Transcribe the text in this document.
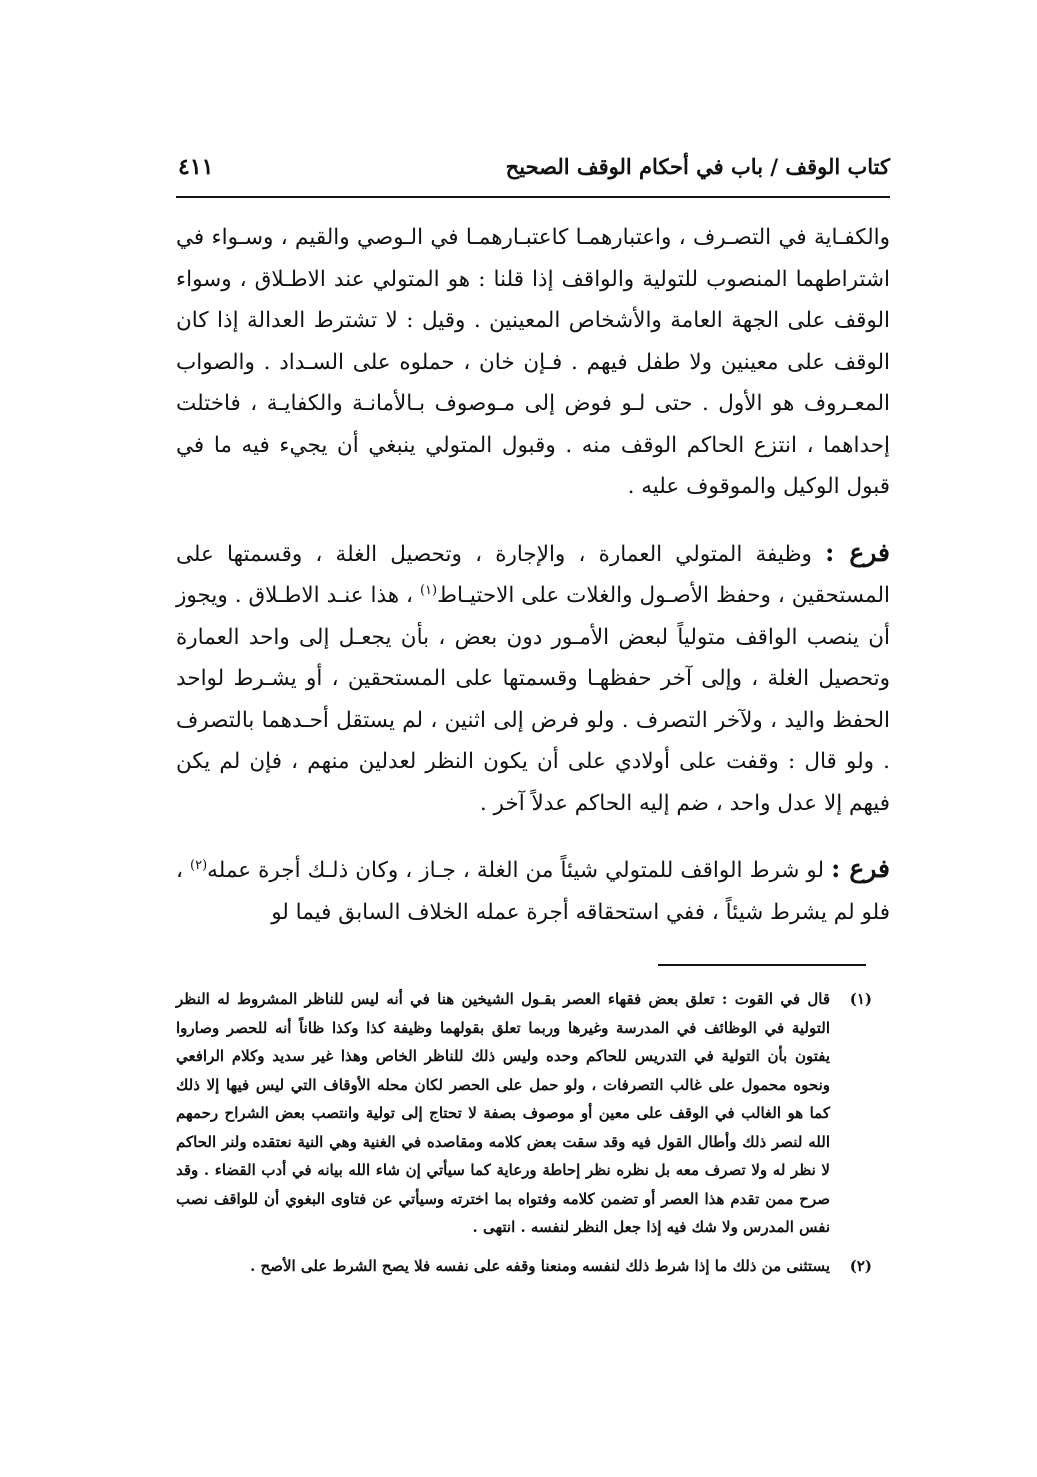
كتاب الوقف / باب في أحكام الوقف الصحيح
٤١١

والكفـاية في التصـرف ، واعتبارهمـا كاعتبـارهمـا في الـوصي والقيم ، وسـواء في اشتراطهما المنصوب للتولية والواقف إذا قلنا : هو المتولي عند الاطـلاق ، وسواء الوقف على الجهة العامة والأشخاص المعينين . وقيل : لا تشترط العدالة إذا كان الوقف على معينين ولا طفل فيهم . فـإن خان ، حملوه على السـداد . والصواب المعـروف هو الأول . حتى لـو فوض إلى مـوصوف بـالأمانـة والكفايـة ، فاختلت إحداهما ، انتزع الحاكم الوقف منه . وقبول المتولي ينبغي أن يجيء فيه ما في قبول الوكيل والموقوف عليه .

فرع : وظيفة المتولي العمارة ، والإجارة ، وتحصيل الغلة ، وقسمتها على المستحقين ، وحفظ الأصـول والغلات على الاحتيـاط$^{(١)}$ ، هذا عنـد الاطـلاق . ويجوز أن ينصب الواقف متولياً لبعض الأمـور دون بعض ، بأن يجعـل إلى واحد العمارة وتحصيل الغلة ، وإلى آخر حفظهـا وقسمتها على المستحقين ، أو يشـرط لواحد الحفظ واليد ، ولآخر التصرف . ولو فرض إلى اثنين ، لم يستقل أحـدهما بالتصرف . ولو قال : وقفت على أولادي على أن يكون النظر لعدلين منهم ، فإن لم يكن فيهم إلا عدل واحد ، ضم إليه الحاكم عدلاً آخر .

فرع : لو شرط الواقف للمتولي شيئاً من الغلة ، جـاز ، وكان ذلـك أجرة عمله$^{(٢)}$ ، فلو لم يشرط شيئاً ، ففي استحقاقه أجرة عمله الخلاف السابق فيما لو

(١)
قال في القوت : تعلق بعض فقهاء العصر بقـول الشيخين هنا في أنه ليس للناظر المشروط له النظر التولية في الوظائف في المدرسة وغيرها وربما تعلق بقولهما وظيفة كذا وكذا ظاناً أنه للحصر وصاروا يفتون بأن التولية في التدريس للحاكم وحده وليس ذلك للناظر الخاص وهذا غير سديد وكلام الرافعي ونحوه محمول على غالب التصرفات ، ولو حمل على الحصر لكان محله الأوقاف التي ليس فيها إلا ذلك كما هو الغالب في الوقف على معين أو موصوف بصفة لا تحتاج إلى تولية وانتصب بعض الشراح رحمهم الله لنصر ذلك وأطال القول فيه وقد سقت بعض كلامه ومقاصده في الغنية وهي النية نعتقده ولنر الحاكم لا نظر له ولا تصرف معه بل نظره نظر إحاطة ورعاية كما سيأتي إن شاء الله بيانه في أدب القضاء . وقد صرح ممن تقدم هذا العصر أو تضمن كلامه وفتواه بما اخترته وسيأتي عن فتاوى البغوي أن للواقف نصب نفس المدرس ولا شك فيه إذا جعل النظر لنفسه . انتهى .

(٢)
يستثنى من ذلك ما إذا شرط ذلك لنفسه ومنعنا وقفه على نفسه فلا يصح الشرط على الأصح .
